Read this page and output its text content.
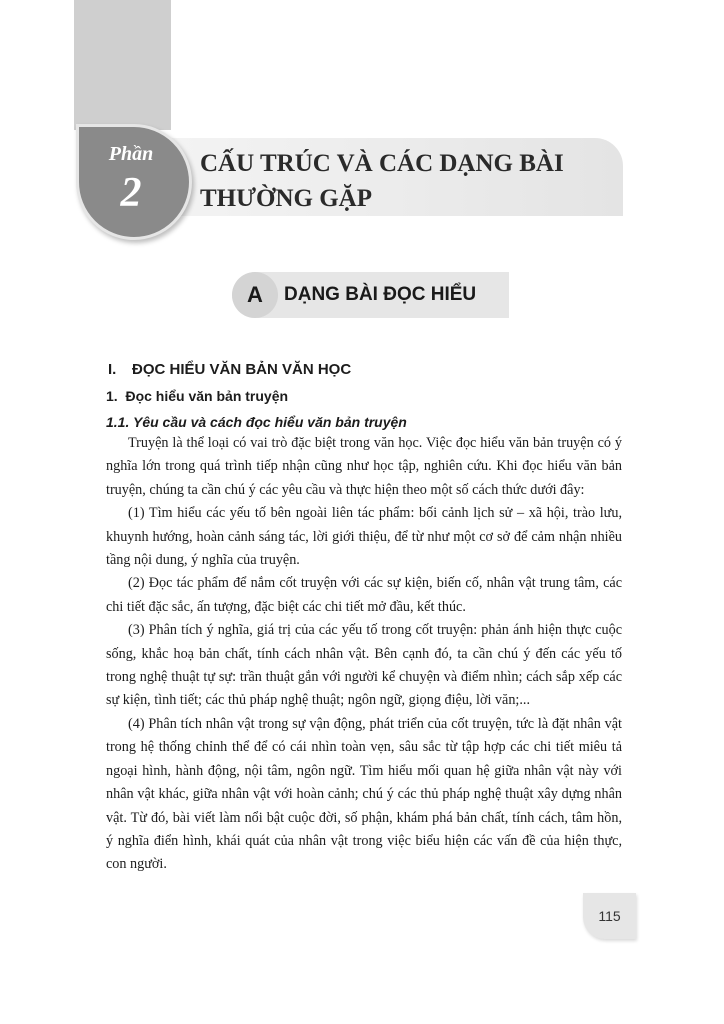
Phần
2
CẤU TRÚC VÀ CÁC DẠNG BÀI THƯỜNG GẶP
A	DẠNG BÀI ĐỌC HIỂU
I. ĐỌC HIỂU VĂN BẢN VĂN HỌC
1.  Đọc hiểu văn bản truyện
1.1. Yêu cầu và cách đọc hiểu văn bản truyện

Truyện là thể loại có vai trò đặc biệt trong văn học. Việc đọc hiểu văn bản truyện có ý nghĩa lớn trong quá trình tiếp nhận cũng như học tập, nghiên cứu. Khi đọc hiểu văn bản truyện, chúng ta cần chú ý các yêu cầu và thực hiện theo một số cách thức dưới đây:

(1) Tìm hiểu các yếu tố bên ngoài liên tác phẩm: bối cảnh lịch sử – xã hội, trào lưu, khuynh hướng, hoàn cảnh sáng tác, lời giới thiệu, để từ như một cơ sở để cảm nhận nhiều tầng nội dung, ý nghĩa của truyện.

(2) Đọc tác phẩm để nắm cốt truyện với các sự kiện, biến cố, nhân vật trung tâm, các chi tiết đặc sắc, ấn tượng, đặc biệt các chi tiết mở đầu, kết thúc.

(3) Phân tích ý nghĩa, giá trị của các yếu tố trong cốt truyện: phản ánh hiện thực cuộc sống, khắc hoạ bản chất, tính cách nhân vật. Bên cạnh đó, ta cần chú ý đến các yếu tố trong nghệ thuật tự sự: trần thuật gắn với người kể chuyện và điểm nhìn; cách sắp xếp các sự kiện, tình tiết; các thủ pháp nghệ thuật; ngôn ngữ, giọng điệu, lời văn;...

(4) Phân tích nhân vật trong sự vận động, phát triển của cốt truyện, tức là đặt nhân vật trong hệ thống chỉnh thể để có cái nhìn toàn vẹn, sâu sắc từ tập hợp các chi tiết miêu tả ngoại hình, hành động, nội tâm, ngôn ngữ. Tìm hiểu mối quan hệ giữa nhân vật này với nhân vật khác, giữa nhân vật với hoàn cảnh; chú ý các thủ pháp nghệ thuật xây dựng nhân vật. Từ đó, bài viết làm nổi bật cuộc đời, số phận, khám phá bản chất, tính cách, tâm hồn, ý nghĩa điển hình, khái quát của nhân vật trong việc biểu hiện các vấn đề của hiện thực, con người.

115
